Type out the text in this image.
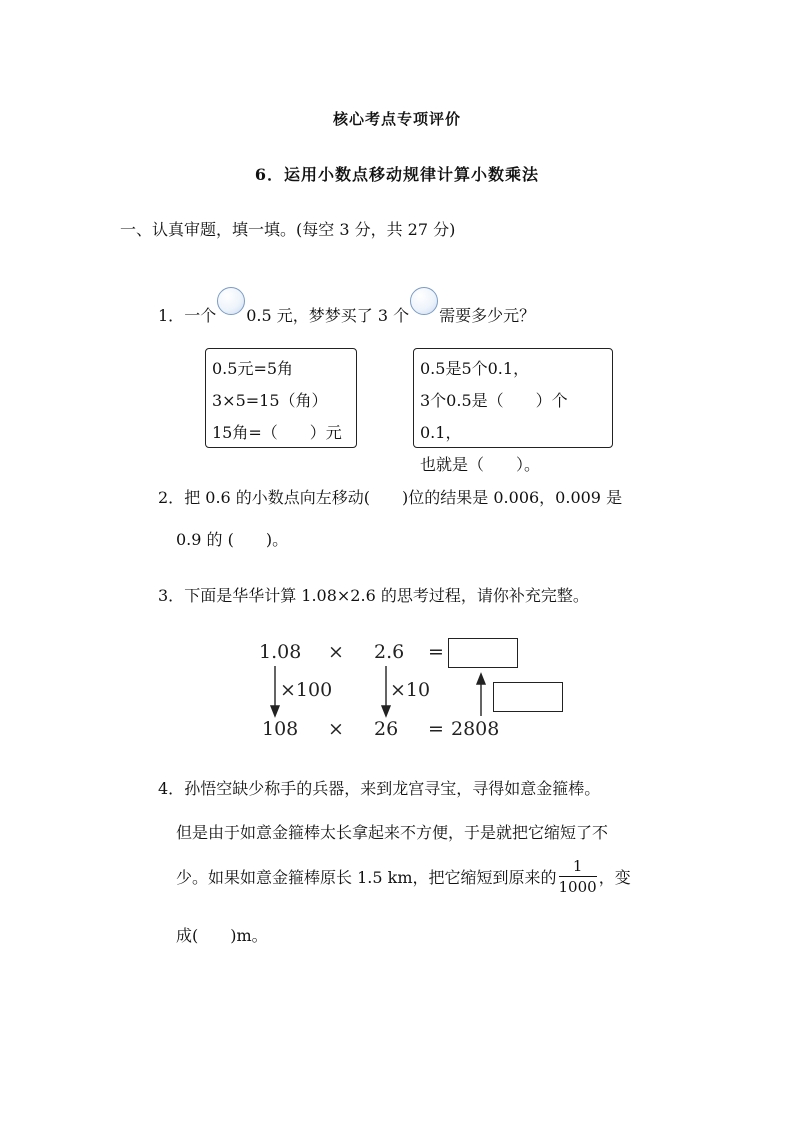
核心考点专项评价
6．运用小数点移动规律计算小数乘法
一、认真审题，填一填。(每空 3 分，共 27 分)
1．一个 0.5 元，梦梦买了 3 个 需要多少元？
0.5元=5角
3×5=15（角）
15角=（　　）元
0.5是5个0.1，
3个0.5是（　　）个0.1，
也就是（　　）。
2．把 0.6 的小数点向左移动(　　)位的结果是 0.006，0.009 是
0.9 的 (　　)。
3．下面是华华计算 1.08×2.6 的思考过程，请你补充完整。
1.08 × 2.6 =
×100	×10
108 × 26 = 2808
4．孙悟空缺少称手的兵器，来到龙宫寻宝，寻得如意金箍棒。
但是由于如意金箍棒太长拿起来不方便，于是就把它缩短了不
少。如果如意金箍棒原长 1.5 km，把它缩短到原来的 $\frac{1}{1000}$ ，变
成(　　)m。
